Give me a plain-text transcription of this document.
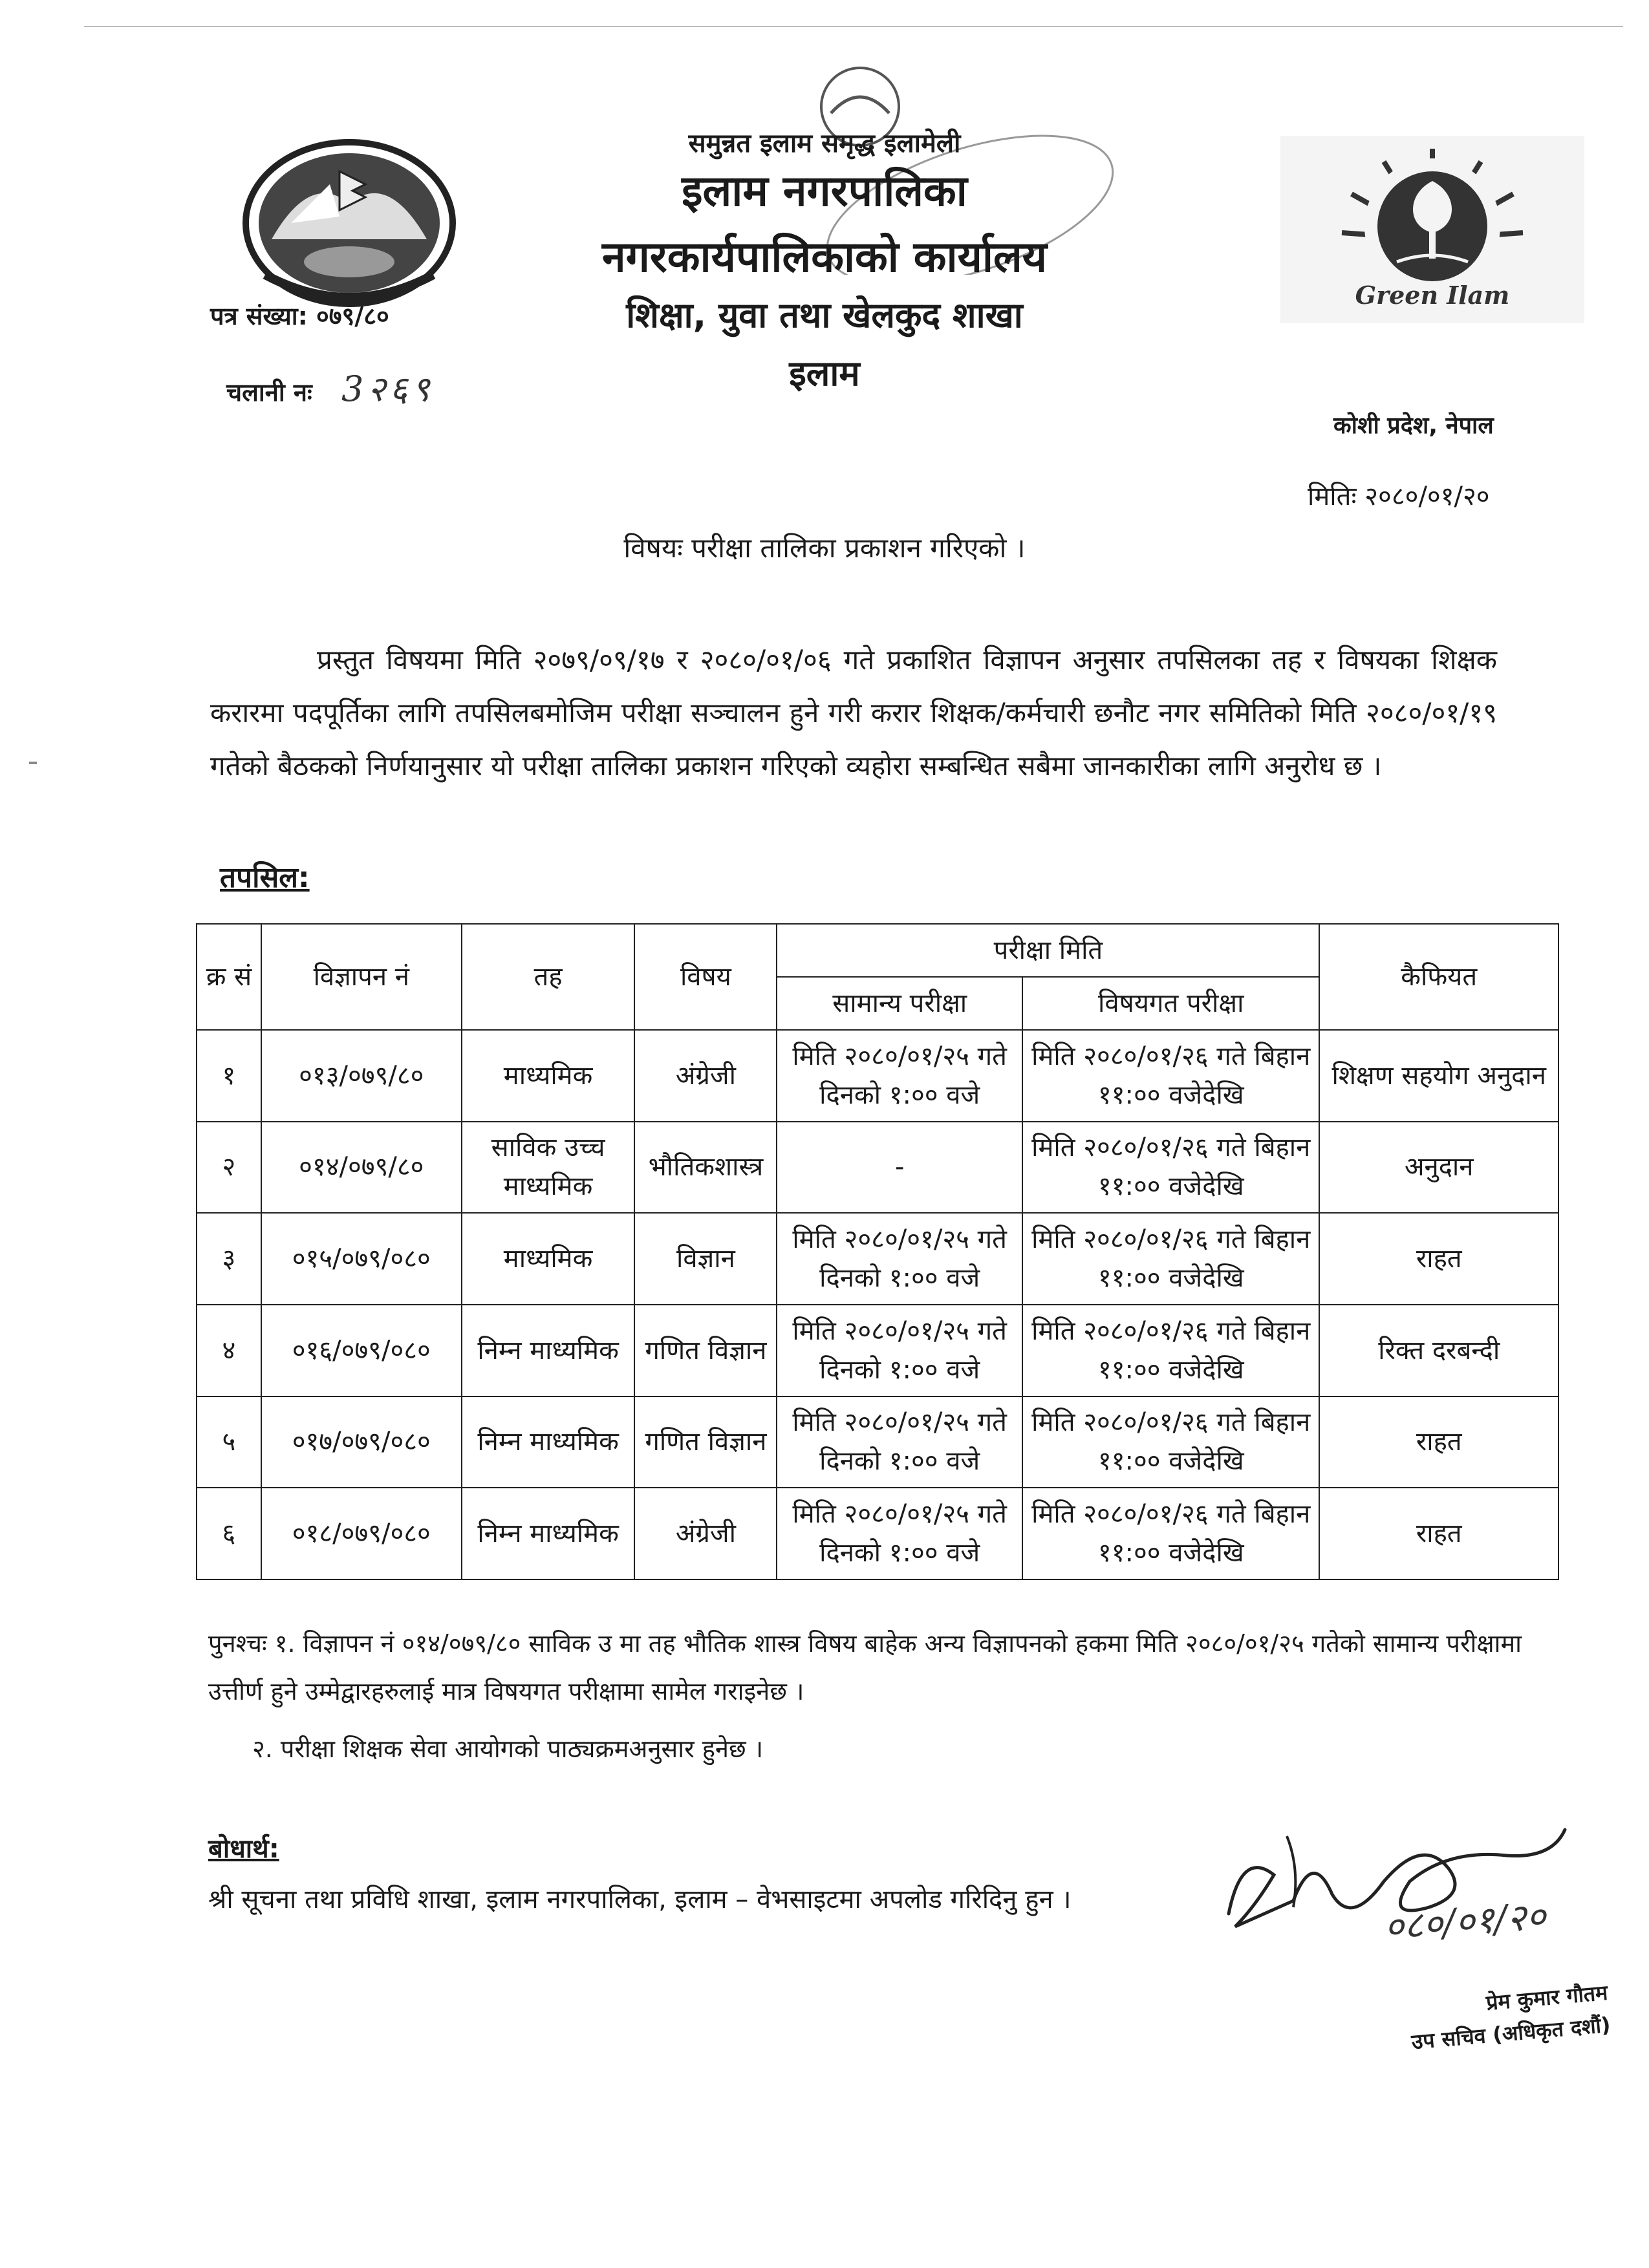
Green Ilam
समुन्नत इलाम समृद्ध इलामेली
इलाम नगरपालिका
नगरकार्यपालिकाको कार्यालय
शिक्षा, युवा तथा खेलकुद शाखा
इलाम
पत्र संख्या: ०७९/८०
चलानी नः 3२६९
कोशी प्रदेश, नेपाल
मितिः २०८०/०१/२०
विषयः परीक्षा तालिका प्रकाशन गरिएको ।
प्रस्तुत विषयमा मिति २०७९/०९/१७ र २०८०/०१/०६ गते प्रकाशित विज्ञापन अनुसार तपसिलका तह र विषयका शिक्षक करारमा पदपूर्तिका लागि तपसिलबमोजिम परीक्षा सञ्चालन हुने गरी करार शिक्षक/कर्मचारी छनौट नगर समितिको मिति २०८०/०१/१९ गतेको बैठकको निर्णयानुसार यो परीक्षा तालिका प्रकाशन गरिएको व्यहोरा सम्बन्धित सबैमा जानकारीका लागि अनुरोध छ ।
तपसिल:
क्र सं	विज्ञापन नं	तह	विषय	परीक्षा मिति		कैफियत
				सामान्य परीक्षा	विषयगत परीक्षा	
१	०१३/०७९/८०	माध्यमिक	अंग्रेजी	मिति २०८०/०१/२५ गते दिनको १:०० वजे	मिति २०८०/०१/२६ गते बिहान ११:०० वजेदेखि	शिक्षण सहयोग अनुदान
२	०१४/०७९/८०	साविक उच्च माध्यमिक	भौतिकशास्त्र	-	मिति २०८०/०१/२६ गते बिहान ११:०० वजेदेखि	अनुदान
३	०१५/०७९/०८०	माध्यमिक	विज्ञान	मिति २०८०/०१/२५ गते दिनको १:०० वजे	मिति २०८०/०१/२६ गते बिहान ११:०० वजेदेखि	राहत
४	०१६/०७९/०८०	निम्न माध्यमिक	गणित विज्ञान	मिति २०८०/०१/२५ गते दिनको १:०० वजे	मिति २०८०/०१/२६ गते बिहान ११:०० वजेदेखि	रिक्त दरबन्दी
५	०१७/०७९/०८०	निम्न माध्यमिक	गणित विज्ञान	मिति २०८०/०१/२५ गते दिनको १:०० वजे	मिति २०८०/०१/२६ गते बिहान ११:०० वजेदेखि	राहत
६	०१८/०७९/०८०	निम्न माध्यमिक	अंग्रेजी	मिति २०८०/०१/२५ गते दिनको १:०० वजे	मिति २०८०/०१/२६ गते बिहान ११:०० वजेदेखि	राहत
पुनश्चः १. विज्ञापन नं ०१४/०७९/८० साविक उ मा तह भौतिक शास्त्र विषय बाहेक अन्य विज्ञापनको हकमा मिति २०८०/०१/२५ गतेको सामान्य परीक्षामा उत्तीर्ण हुने उम्मेद्वारहरुलाई मात्र विषयगत परीक्षामा सामेल गराइनेछ ।
२. परीक्षा शिक्षक सेवा आयोगको पाठ्यक्रमअनुसार हुनेछ ।
बोधार्थ:
श्री सूचना तथा प्रविधि शाखा, इलाम नगरपालिका, इलाम – वेभसाइटमा अपलोड गरिदिनु हुन ।	०८०/०१/२०
प्रेम कुमार गौतम
उप सचिव (अधिकृत दशौं)
